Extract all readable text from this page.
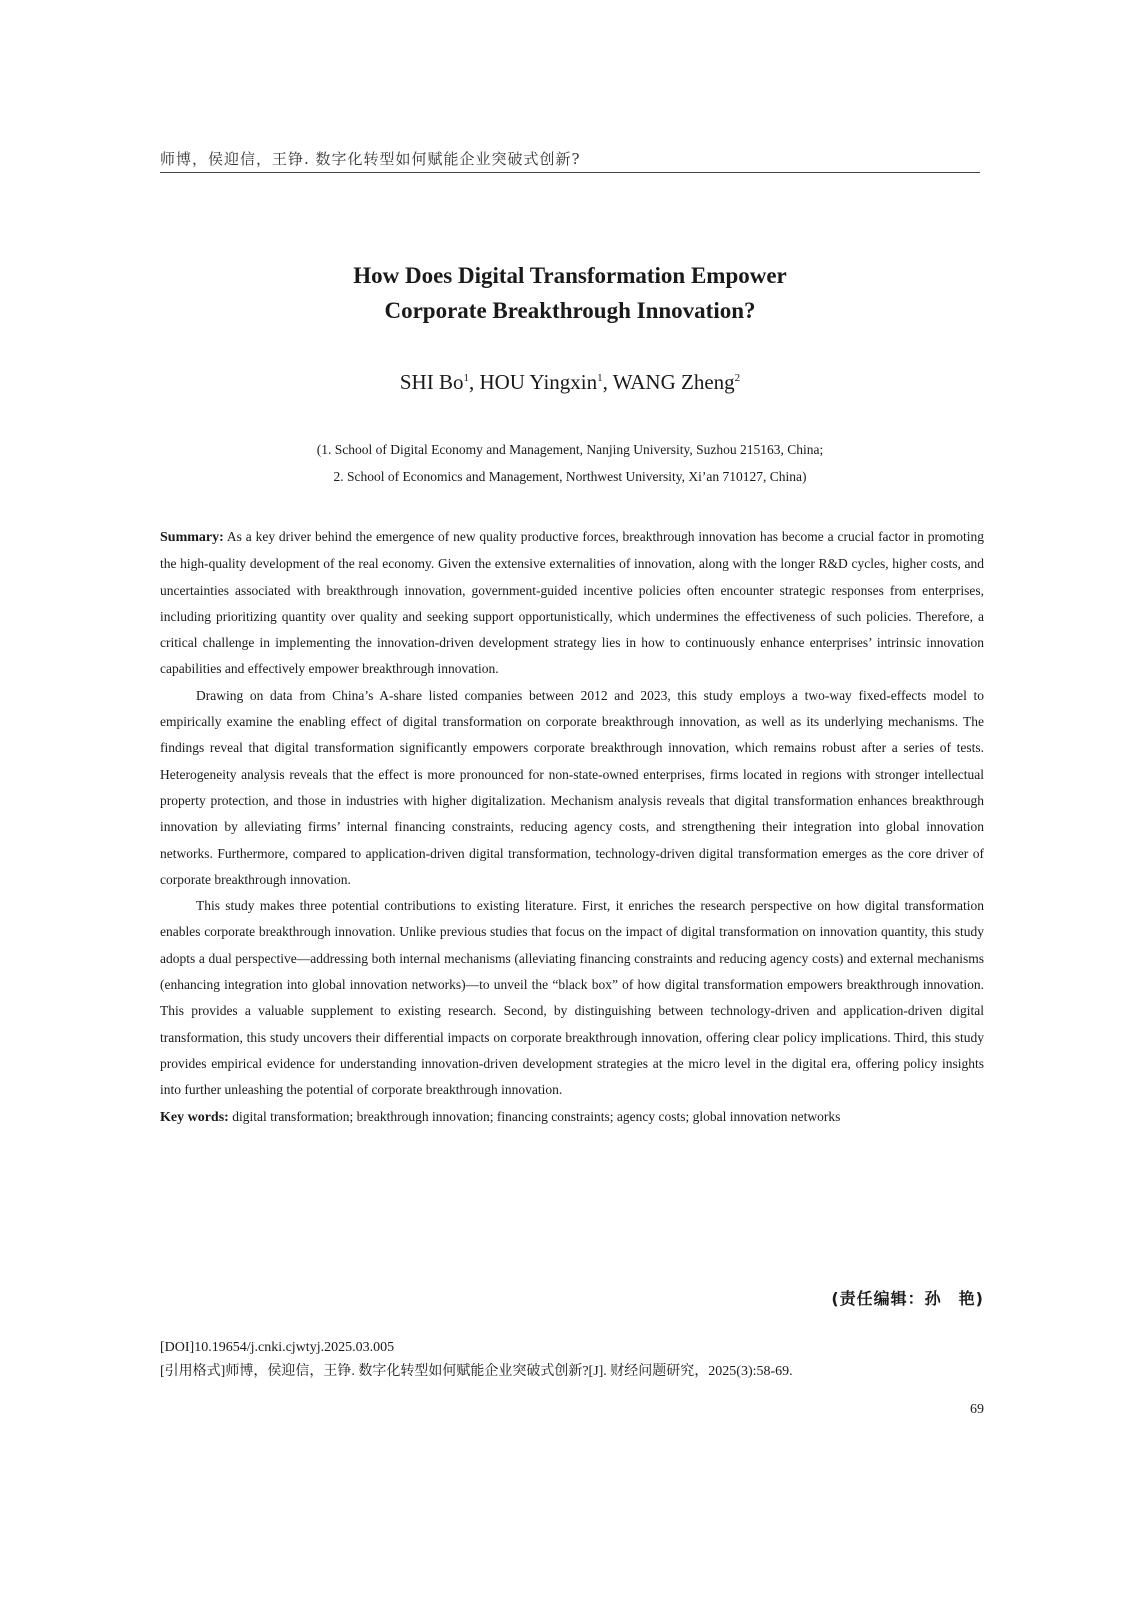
师博，侯迎信，王铮. 数字化转型如何赋能企业突破式创新?
How Does Digital Transformation Empower
Corporate Breakthrough Innovation?
SHI Bo$^1$, HOU Yingxin$^1$, WANG Zheng$^2$
(1. School of Digital Economy and Management, Nanjing University, Suzhou 215163, China;
2. School of Economics and Management, Northwest University, Xi’an 710127, China)

Summary: As a key driver behind the emergence of new quality productive forces, breakthrough innovation has become a crucial factor in promoting the high-quality development of the real economy. Given the extensive externalities of innovation, along with the longer R&D cycles, higher costs, and uncertainties associated with breakthrough innovation, government-guided incentive policies often encounter strategic responses from enterprises, including prioritizing quantity over quality and seeking support opportunistically, which undermines the effectiveness of such policies. Therefore, a critical challenge in implementing the innovation-driven development strategy lies in how to continuously enhance enterprises’ intrinsic innovation capabilities and effectively empower breakthrough innovation.

Drawing on data from China’s A-share listed companies between 2012 and 2023, this study employs a two-way fixed-effects model to empirically examine the enabling effect of digital transformation on corporate breakthrough innovation, as well as its underlying mechanisms. The findings reveal that digital transformation significantly empowers corporate breakthrough innovation, which remains robust after a series of tests. Heterogeneity analysis reveals that the effect is more pronounced for non-state-owned enterprises, firms located in regions with stronger intellectual property protection, and those in industries with higher digitalization. Mechanism analysis reveals that digital transformation enhances breakthrough innovation by alleviating firms’ internal financing constraints, reducing agency costs, and strengthening their integration into global innovation networks. Furthermore, compared to application-driven digital transformation, technology-driven digital transformation emerges as the core driver of corporate breakthrough innovation.

This study makes three potential contributions to existing literature. First, it enriches the research perspective on how digital transformation enables corporate breakthrough innovation. Unlike previous studies that focus on the impact of digital transformation on innovation quantity, this study adopts a dual perspective—addressing both internal mechanisms (alleviating financing constraints and reducing agency costs) and external mechanisms (enhancing integration into global innovation networks)—to unveil the “black box” of how digital transformation empowers breakthrough innovation. This provides a valuable supplement to existing research. Second, by distinguishing between technology-driven and application-driven digital transformation, this study uncovers their differential impacts on corporate breakthrough innovation, offering clear policy implications. Third, this study provides empirical evidence for understanding innovation-driven development strategies at the micro level in the digital era, offering policy insights into further unleashing the potential of corporate breakthrough innovation.

Key words: digital transformation; breakthrough innovation; financing constraints; agency costs; global innovation networks

(责任编辑：孙　艳)
[DOI]10.19654/j.cnki.cjwtyj.2025.03.005
[引用格式]师博，侯迎信，王铮. 数字化转型如何赋能企业突破式创新?[J]. 财经问题研究，2025(3):58-69.
69
